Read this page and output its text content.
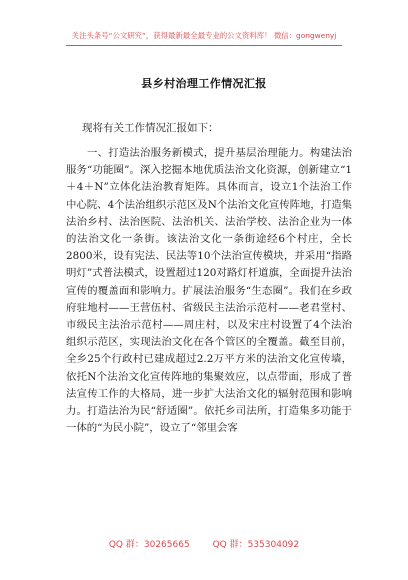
关注头条号“公文研究”，获得最新最全最专业的公文资料库！ 微信：gongwenyj
县乡村治理工作情况汇报
现将有关工作情况汇报如下：

一、打造法治服务新模式，提升基层治理能力。构建法治服务“功能圈”。深入挖掘本地优质法治文化资源，创新建立“1＋4＋N”立体化法治教育矩阵。具体而言，设立1个法治工作中心院、4个法治组织示范区及N个法治文化宣传阵地，打造集法治乡村、法治医院、法治机关、法治学校、法治企业为一体的法治文化一条街。该法治文化一条街途经6个村庄，全长2800米，设有宪法、民法等10个法治宣传模块，并采用“指路明灯”式普法模式，设置超过120对路灯杆道旗，全面提升法治宣传的覆盖面和影响力。扩展法治服务“生态圈”。我们在乡政府驻地村——王营伍村、省级民主法治示范村——老君堂村、市级民主法治示范村——周庄村，以及宋庄村设置了4个法治组织示范区，实现法治文化在各个管区的全覆盖。截至目前，全乡25个行政村已建成超过2.2万平方米的法治文化宣传墙，依托N个法治文化宣传阵地的集聚效应，以点带面，形成了普法宣传工作的大格局，进一步扩大法治文化的辐射范围和影响力。打造法治为民“舒适圈”。依托乡司法所，打造集多功能于一体的“为民小院”，设立了“邻里会客

QQ 群：30265665	QQ 群：535304092
